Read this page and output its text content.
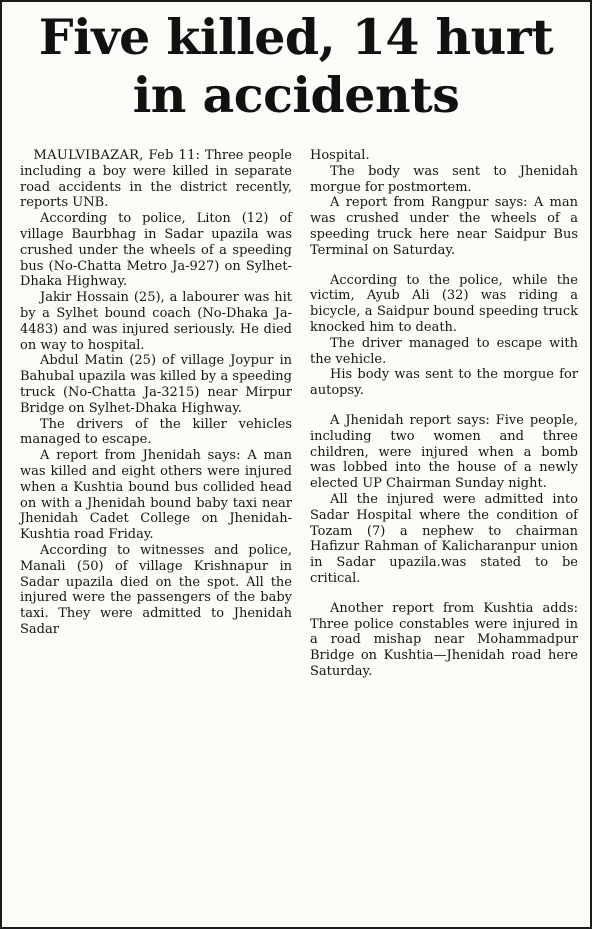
Five killed, 14 hurt
in accidents

MAULVIBAZAR, Feb 11: Three people including a boy were killed in separate road accidents in the district recently, reports UNB.

According to police, Liton (12) of village Baurbhag in Sadar upazila was crushed under the wheels of a speeding bus (No-Chatta Metro Ja-927) on Sylhet-Dhaka Highway.

Jakir Hossain (25), a labourer was hit by a Sylhet bound coach (No-Dhaka Ja-4483) and was injured seriously. He died on way to hospital.

Abdul Matin (25) of village Joypur in Bahubal upazila was killed by a speeding truck (No-Chatta Ja-3215) near Mirpur Bridge on Sylhet-Dhaka Highway.

The drivers of the killer vehicles managed to escape.

A report from Jhenidah says: A man was killed and eight others were injured when a Kushtia bound bus collided head on with a Jhenidah bound baby taxi near Jhenidah Cadet College on Jhenidah-Kushtia road Friday.

According to witnesses and police, Manali (50) of village Krishnapur in Sadar upazila died on the spot. All the injured were the passengers of the baby taxi. They were admitted to Jhenidah Sadar

Hospital.

The body was sent to Jhenidah morgue for postmortem.

A report from Rangpur says: A man was crushed under the wheels of a speeding truck here near Saidpur Bus Terminal on Saturday.

According to the police, while the victim, Ayub Ali (32) was riding a bicycle, a Saidpur bound speeding truck knocked him to death.

The driver managed to escape with the vehicle.

His body was sent to the morgue for autopsy.

A Jhenidah report says: Five people, including two women and three children, were injured when a bomb was lobbed into the house of a newly elected UP Chairman Sunday night.

All the injured were admitted into Sadar Hospital where the condition of Tozam (7) a nephew to chairman Hafizur Rahman of Kalicharanpur union in Sadar upazila.was stated to be critical.

Another report from Kushtia adds: Three police constables were injured in a road mishap near Mohammadpur Bridge on Kushtia—Jhenidah road here Saturday.
